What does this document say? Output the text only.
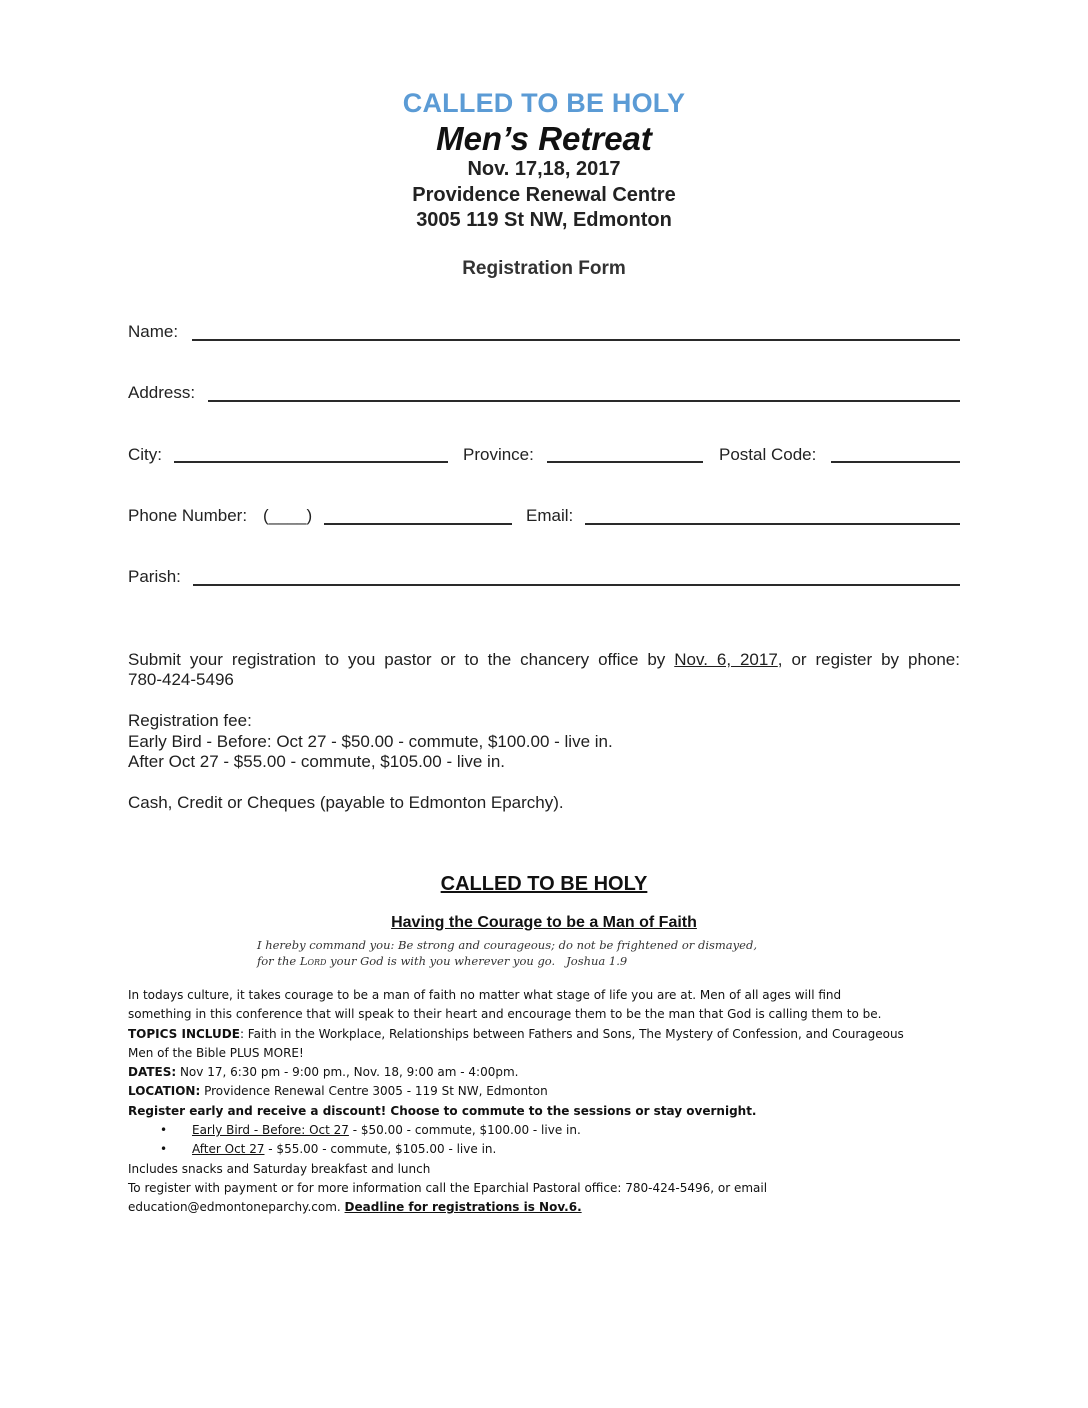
CALLED TO BE HOLY
Men’s Retreat
Nov. 17,18, 2017
Providence Renewal Centre
3005 119 St NW, Edmonton
Registration Form
Name:
Address:
City:	Province:	Postal Code:
Phone Number: (____)	Email:
Parish:
Submit your registration to you pastor or to the chancery office by Nov. 6, 2017, or register by phone:
780-424-5496
Registration fee:
Early Bird - Before: Oct 27 - $50.00 - commute, $100.00 - live in.
After Oct 27 - $55.00 - commute, $105.00 - live in.
Cash, Credit or Cheques (payable to Edmonton Eparchy).
CALLED TO BE HOLY
Having the Courage to be a Man of Faith
I hereby command you: Be strong and courageous; do not be frightened or dismayed,
for the Lord your God is with you wherever you go. Joshua 1.9
In todays culture, it takes courage to be a man of faith no matter what stage of life you are at. Men of all ages will find
something in this conference that will speak to their heart and encourage them to be the man that God is calling them to be.
TOPICS INCLUDE: Faith in the Workplace, Relationships between Fathers and Sons, The Mystery of Confession, and Courageous
Men of the Bible PLUS MORE!
DATES: Nov 17, 6:30 pm - 9:00 pm., Nov. 18, 9:00 am - 4:00pm.
LOCATION: Providence Renewal Centre 3005 - 119 St NW, Edmonton
Register early and receive a discount! Choose to commute to the sessions or stay overnight.
• Early Bird - Before: Oct 27 - $50.00 - commute, $100.00 - live in.
• After Oct 27 - $55.00 - commute, $105.00 - live in.
Includes snacks and Saturday breakfast and lunch
To register with payment or for more information call the Eparchial Pastoral office: 780-424-5496, or email
education@edmontoneparchy.com. Deadline for registrations is Nov.6.
